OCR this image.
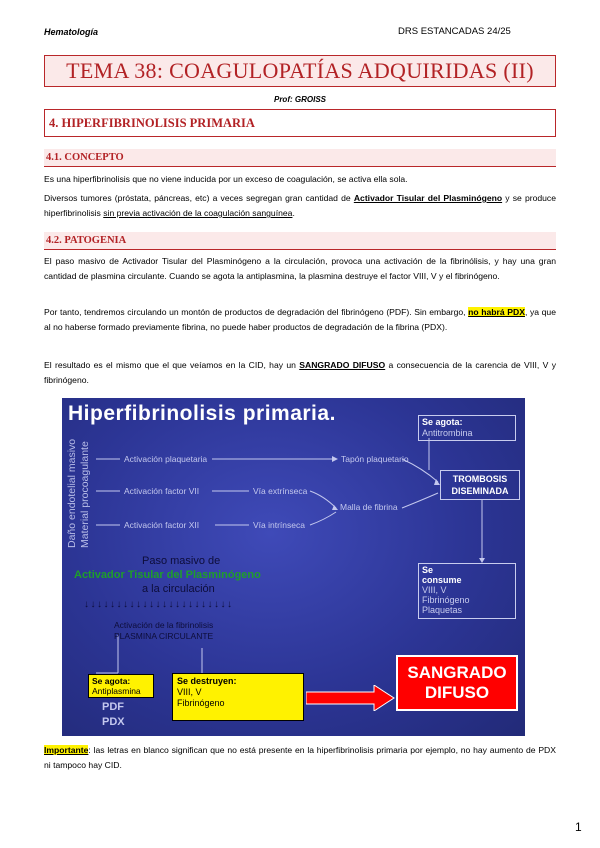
Hematología	DRS ESTANCADAS 24/25
TEMA 38: COAGULOPATÍAS ADQUIRIDAS (II)
Prof: GROISS
4. HIPERFIBRINOLISIS PRIMARIA
4.1. CONCEPTO
Es una hiperfibrinolisis que no viene inducida por un exceso de coagulación, se activa ella sola.
Diversos tumores (próstata, páncreas, etc) a veces segregan gran cantidad de Activador Tisular del Plasminógeno y se produce hiperfibrinolisis sin previa activación de la coagulación sanguínea.
4.2. PATOGENIA
El paso masivo de Activador Tisular del Plasminógeno a la circulación, provoca una activación de la fibrinólisis, y hay una gran cantidad de plasmina circulante. Cuando se agota la antiplasmina, la plasmina destruye el factor VIII, V y el fibrinógeno.
Por tanto, tendremos circulando un montón de productos de degradación del fibrinógeno (PDF). Sin embargo, no habrá PDX, ya que al no haberse formado previamente fibrina, no puede haber productos de degradación de la fibrina (PDX).
El resultado es el mismo que el que veíamos en la CID, hay un SANGRADO DIFUSO a consecuencia de la carencia de VIII, V y fibrinógeno.
Hiperfibrinolisis primaria.
Daño endotelial masivo Material procoagulante	Activación plaquetaria	Tapón plaquetario
Activación factor VII	Vía extrínseca
Malla de fibrina
Activación factor XII	Vía intrínseca
Se agota:
Antitrombina
TROMBOSIS
DISEMINADA
Se
consume
VIII, V
Fibrinógeno
Plaquetas
Paso masivo de
Activador Tisular del Plasminógeno
a la circulación
↓↓↓↓↓↓↓↓↓↓↓↓↓↓↓↓↓↓↓↓↓↓↓
Activación de la fibrinolisis
PLASMINA CIRCULANTE
Se agota:
Antiplasmina
Se destruyen:
VIII, V
Fibrinógeno
PDF
PDX
SANGRADO
DIFUSO
Importante: las letras en blanco significan que no está presente en la hiperfibrinolisis primaria por ejemplo, no hay aumento de PDX ni tampoco hay CID.
1
